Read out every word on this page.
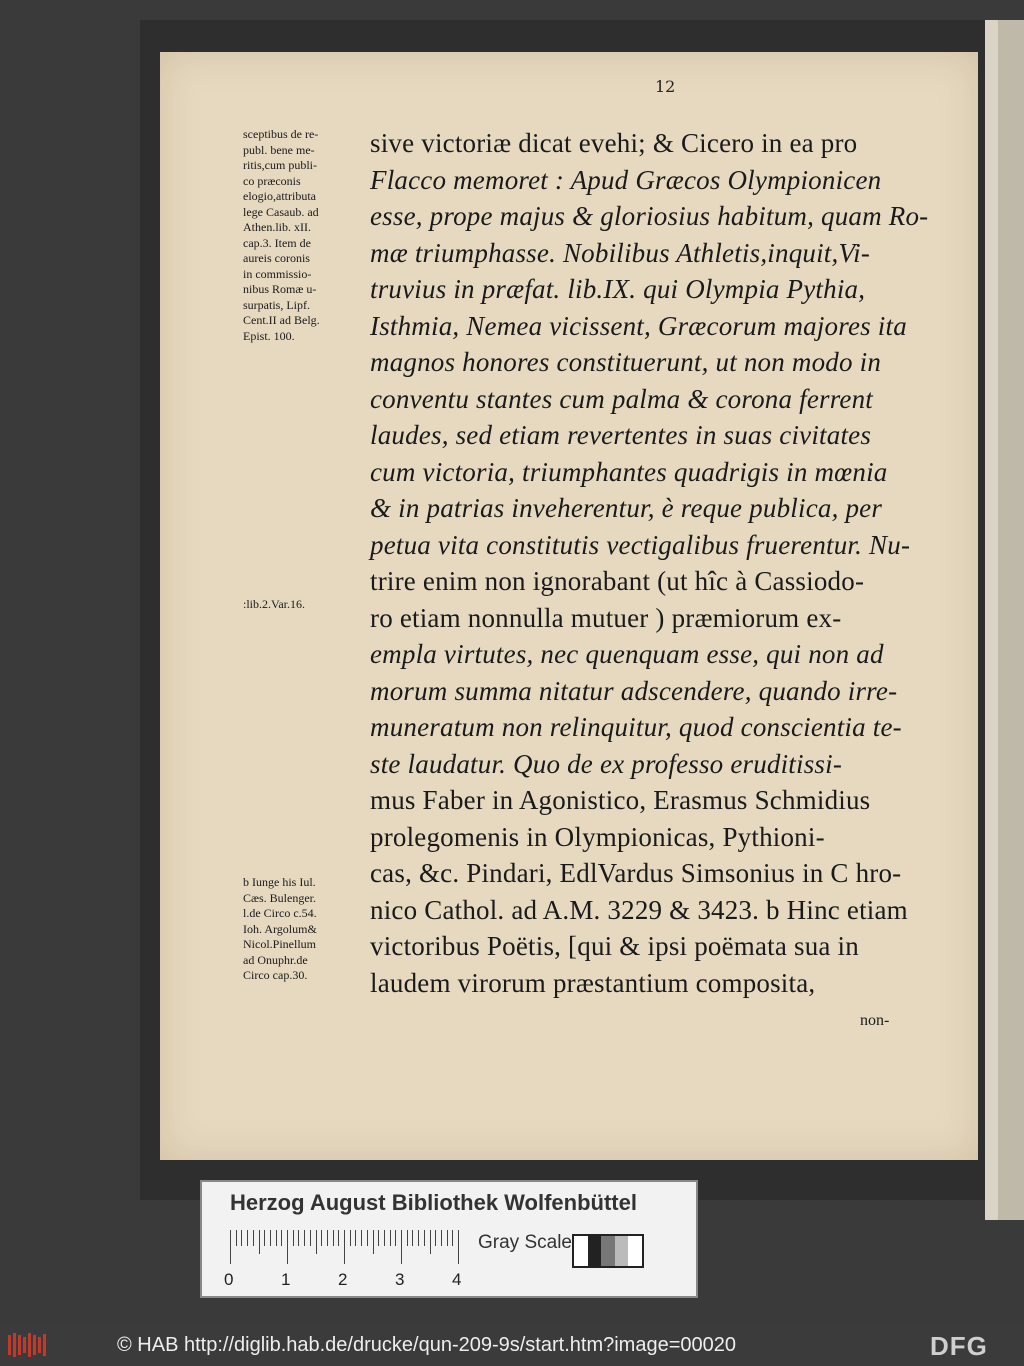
12
sceptibus de re-
publ. bene me-
ritis,cum publi-
co præconis
elogio,attributa
lege Casaub. ad
Athen.lib. xII.
cap.3. Item de
aureis coronis
in commissio-
nibus Romæ u-
surpatis, Lipf.
Cent.II ad Belg.
Epist. 100.
:lib.2.Var.16.
b Iunge his Iul.
Cæs. Bulenger.
l.de Circo c.54.
Ioh. Argolum&
Nicol.Pinellum
ad Onuphr.de
Circo cap.30.
sive victoriæ dicat evehi; & Cicero in ea pro
Flacco memoret : Apud Græcos Olympionicen
esse, prope majus & gloriosius habitum, quam Ro-
mæ triumphasse. Nobilibus Athletis,inquit,Vi-
truvius in præfat. lib.IX. qui Olympia Pythia,
Isthmia, Nemea vicissent, Græcorum majores ita
magnos honores constituerunt, ut non modo in
conventu stantes cum palma & corona ferrent
laudes, sed etiam revertentes in suas civitates
cum victoria, triumphantes quadrigis in mœnia
& in patrias inveherentur, è reque publica, per
petua vita constitutis vectigalibus fruerentur. Nu-
trire enim non ignorabant (ut hîc à Cassiodo-
ro etiam nonnulla mutuer ) præmiorum ex-
empla virtutes, nec quenquam esse, qui non ad
morum summa nitatur adscendere, quando irre-
muneratum non relinquitur, quod conscientia te-
ste laudatur. Quo de ex professo eruditissi-
mus Faber in Agonistico, Erasmus Schmidius
prolegomenis in Olympionicas, Pythioni-
cas, &c. Pindari, EdlVardus Simsonius in C hro-
nico Cathol. ad A.M. 3229 & 3423. b Hinc etiam
victoribus Poëtis, [qui & ipsi poëmata sua in
laudem virorum præstantium composita,
non-
Herzog August Bibliothek Wolfenbüttel
0	1	2	3	4
Gray Scale
© HAB http://diglib.hab.de/drucke/qun-209-9s/start.htm?image=00020	DFG
